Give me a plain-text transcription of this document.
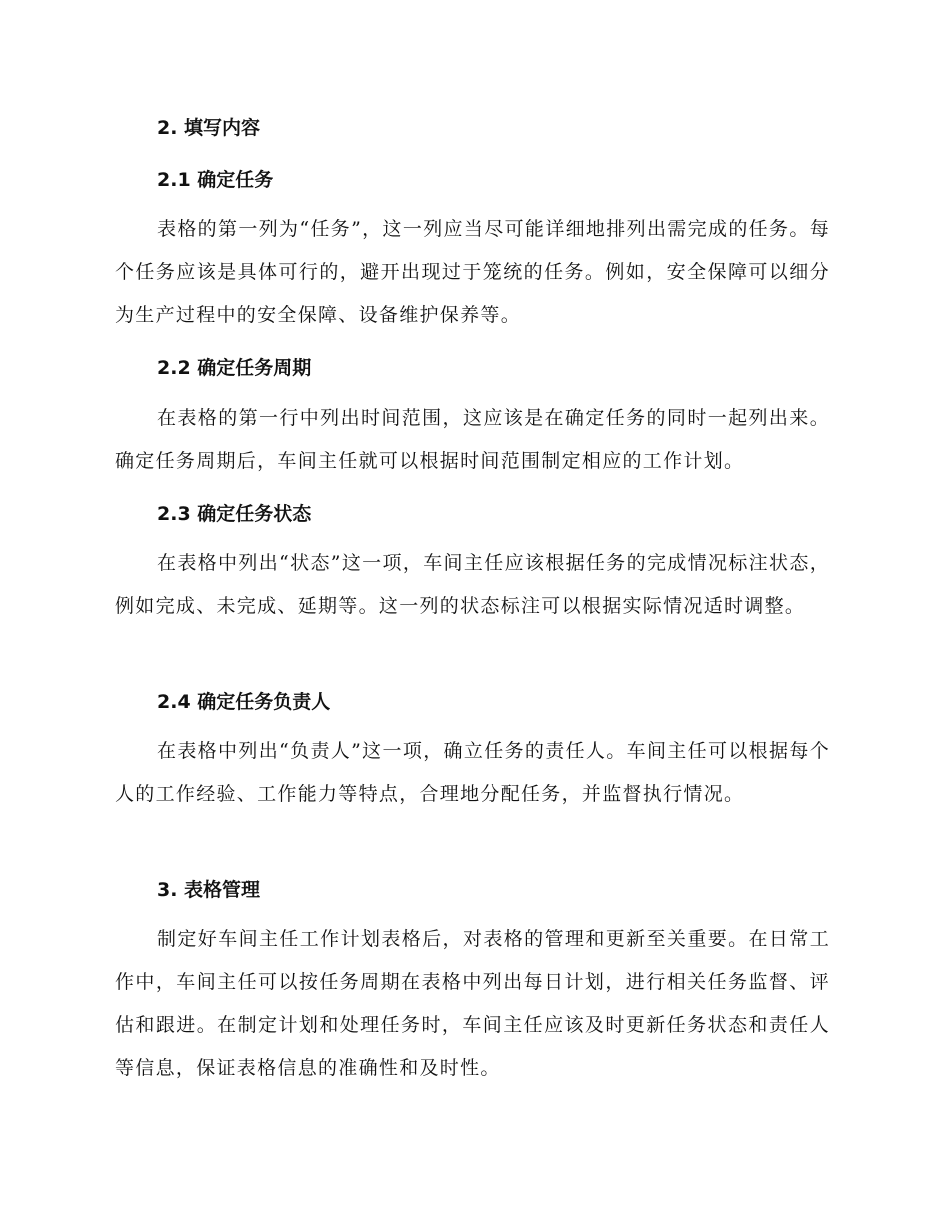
2. 填写内容
2.1 确定任务

表格的第一列为“任务”，这一列应当尽可能详细地排列出需完成的任务。每个任务应该是具体可行的，避开出现过于笼统的任务。例如，安全保障可以细分为生产过程中的安全保障、设备维护保养等。

2.2 确定任务周期

在表格的第一行中列出时间范围，这应该是在确定任务的同时一起列出来。确定任务周期后，车间主任就可以根据时间范围制定相应的工作计划。

2.3 确定任务状态

在表格中列出“状态”这一项，车间主任应该根据任务的完成情况标注状态，例如完成、未完成、延期等。这一列的状态标注可以根据实际情况适时调整。

2.4 确定任务负责人

在表格中列出“负责人”这一项，确立任务的责任人。车间主任可以根据每个人的工作经验、工作能力等特点，合理地分配任务，并监督执行情况。

3. 表格管理

制定好车间主任工作计划表格后，对表格的管理和更新至关重要。在日常工作中，车间主任可以按任务周期在表格中列出每日计划，进行相关任务监督、评估和跟进。在制定计划和处理任务时，车间主任应该及时更新任务状态和责任人等信息，保证表格信息的准确性和及时性。
